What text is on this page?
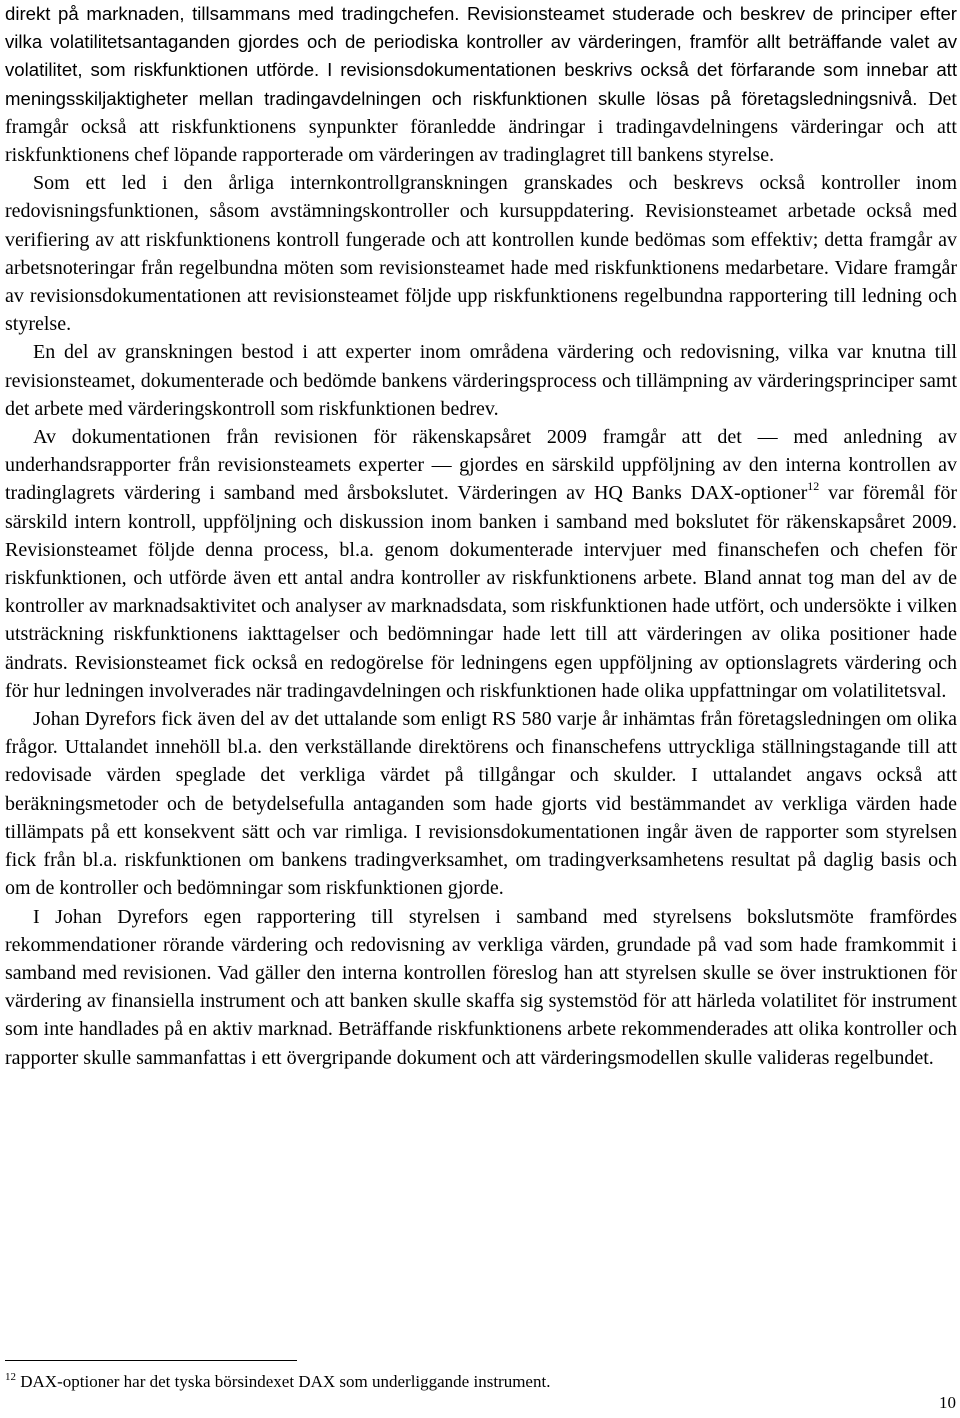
direkt på marknaden, tillsammans med tradingchefen. Revisionsteamet studerade och beskrev de principer efter vilka volatilitetsantaganden gjordes och de periodiska kontroller av värderingen, framför allt beträffande valet av volatilitet, som riskfunktionen utförde. I revisionsdokumentationen beskrivs också det förfarande som innebar att meningsskiljaktigheter mellan tradingavdelningen och riskfunktionen skulle lösas på företagsledningsnivå. Det framgår också att riskfunktionens synpunkter föranledde ändringar i tradingavdelningens värderingar och att riskfunktionens chef löpande rapporterade om värderingen av tradinglagret till bankens styrelse.

Som ett led i den årliga internkontrollgranskningen granskades och beskrevs också kontroller inom redovisningsfunktionen, såsom avstämningskontroller och kursuppdatering. Revisionsteamet arbetade också med verifiering av att riskfunktionens kontroll fungerade och att kontrollen kunde bedömas som effektiv; detta framgår av arbetsnoteringar från regelbundna möten som revisionsteamet hade med riskfunktionens medarbetare. Vidare framgår av revisionsdokumentationen att revisionsteamet följde upp riskfunktionens regelbundna rapportering till ledning och styrelse.

En del av granskningen bestod i att experter inom områdena värdering och redovisning, vilka var knutna till revisionsteamet, dokumenterade och bedömde bankens värderingsprocess och tillämpning av värderingsprinciper samt det arbete med värderingskontroll som riskfunktionen bedrev.

Av dokumentationen från revisionen för räkenskapsåret 2009 framgår att det — med anledning av underhandsrapporter från revisionsteamets experter — gjordes en särskild uppföljning av den interna kontrollen av tradinglagrets värdering i samband med årsbokslutet. Värderingen av HQ Banks DAX-optioner$^{12}$ var föremål för särskild intern kontroll, uppföljning och diskussion inom banken i samband med bokslutet för räkenskapsåret 2009. Revisionsteamet följde denna process, bl.a. genom dokumenterade intervjuer med finanschefen och chefen för riskfunktionen, och utförde även ett antal andra kontroller av riskfunktionens arbete. Bland annat tog man del av de kontroller av marknadsaktivitet och analyser av marknadsdata, som riskfunktionen hade utfört, och undersökte i vilken utsträckning riskfunktionens iakttagelser och bedömningar hade lett till att värderingen av olika positioner hade ändrats. Revisionsteamet fick också en redogörelse för ledningens egen uppföljning av optionslagrets värdering och för hur ledningen involverades när tradingavdelningen och riskfunktionen hade olika uppfattningar om volatilitetsval.

Johan Dyrefors fick även del av det uttalande som enligt RS 580 varje år inhämtas från företagsledningen om olika frågor. Uttalandet innehöll bl.a. den verkställande direktörens och finanschefens uttryckliga ställningstagande till att redovisade värden speglade det verkliga värdet på tillgångar och skulder. I uttalandet angavs också att beräkningsmetoder och de betydelsefulla antaganden som hade gjorts vid bestämmandet av verkliga värden hade tillämpats på ett konsekvent sätt och var rimliga. I revisionsdokumentationen ingår även de rapporter som styrelsen fick från bl.a. riskfunktionen om bankens tradingverksamhet, om tradingverksamhetens resultat på daglig basis och om de kontroller och bedömningar som riskfunktionen gjorde.

I Johan Dyrefors egen rapportering till styrelsen i samband med styrelsens bokslutsmöte framfördes rekommendationer rörande värdering och redovisning av verkliga värden, grundade på vad som hade framkommit i samband med revisionen. Vad gäller den interna kontrollen föreslog han att styrelsen skulle se över instruktionen för värdering av finansiella instrument och att banken skulle skaffa sig systemstöd för att härleda volatilitet för instrument som inte handlades på en aktiv marknad. Beträffande riskfunktionens arbete rekommenderades att olika kontroller och rapporter skulle sammanfattas i ett övergripande dokument och att värderingsmodellen skulle valideras regelbundet.

$^{12}$ DAX-optioner har det tyska börsindexet DAX som underliggande instrument.

10
